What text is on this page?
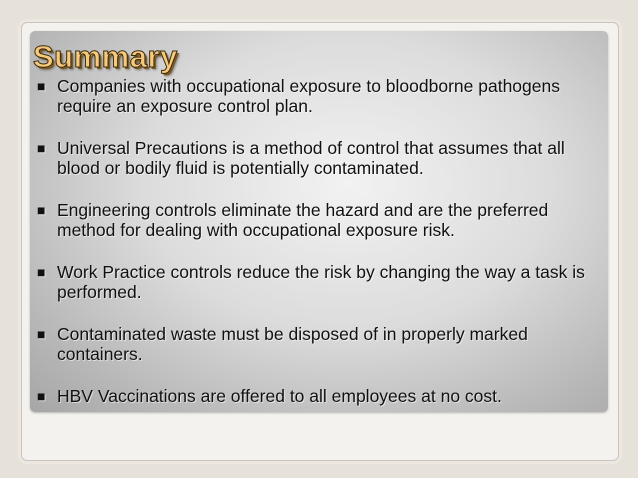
Summary
■ Companies with occupational exposure to bloodborne pathogens require an exposure control plan.
■ Universal Precautions is a method of control that assumes that all blood or bodily fluid is potentially contaminated.
■ Engineering controls eliminate the hazard and are the preferred method for dealing with occupational exposure risk.
■ Work Practice controls reduce the risk by changing the way a task is performed.
■ Contaminated waste must be disposed of in properly marked containers.
■ HBV Vaccinations are offered to all employees at no cost.
